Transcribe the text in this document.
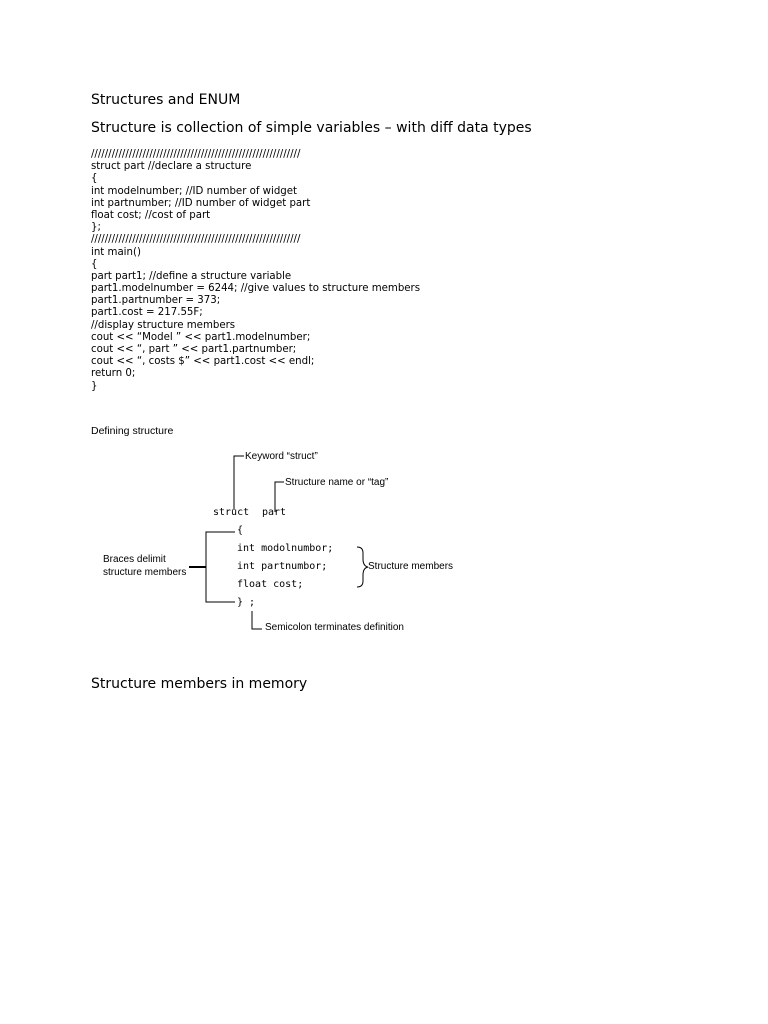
Structures and ENUM
Structure is collection of simple variables – with diff data types
/////////////////////////////////////////////////////////////
struct part //declare a structure
{
int modelnumber; //ID number of widget
int partnumber; //ID number of widget part
float cost; //cost of part
};
/////////////////////////////////////////////////////////////
int main()
{
part part1; //define a structure variable
part1.modelnumber = 6244; //give values to structure members
part1.partnumber = 373;
part1.cost = 217.55F;
//display structure members
cout << “Model ” << part1.modelnumber;
cout << “, part ” << part1.partnumber;
cout << “, costs $” << part1.cost << endl;
return 0;
}
Defining structure
Keyword “struct”
Structure name or “tag”
struct part
{
int modolnumbor;
int partnumbor;
float cost;
} ;
Braces delimit
structure members
Structure members
Semicolon terminates definition
Structure members in memory
